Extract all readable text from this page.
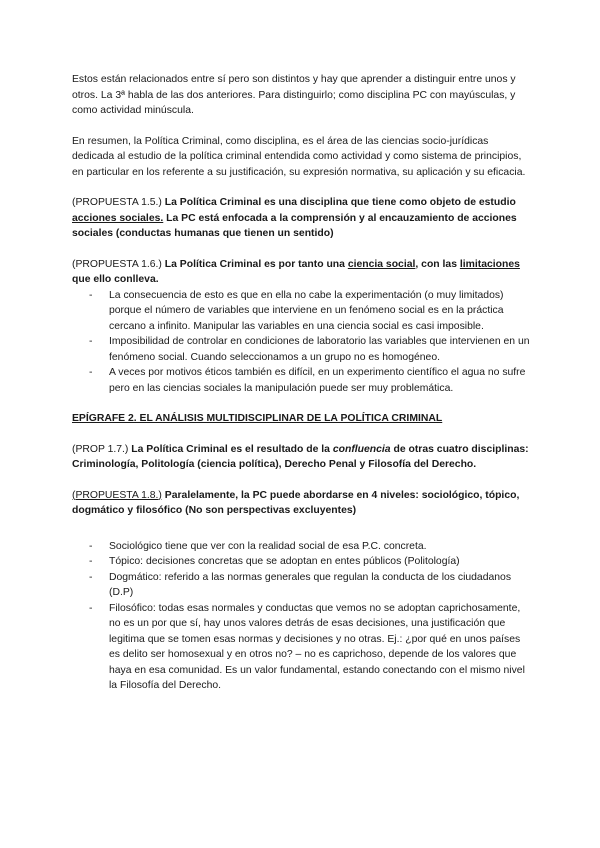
Estos están relacionados entre sí pero son distintos y hay que aprender a distinguir entre unos y otros. La 3ª habla de las dos anteriores. Para distinguirlo; como disciplina PC con mayúsculas, y como actividad minúscula.

En resumen, la Política Criminal, como disciplina, es el área de las ciencias socio-jurídicas dedicada al estudio de la política criminal entendida como actividad y como sistema de principios, en particular en los referente a su justificación, su expresión normativa, su aplicación y su eficacia.

(PROPUESTA 1.5.) La Política Criminal es una disciplina que tiene como objeto de estudio acciones sociales. La PC está enfocada a la comprensión y al encauzamiento de acciones sociales (conductas humanas que tienen un sentido)

(PROPUESTA 1.6.) La Política Criminal es por tanto una ciencia social, con las limitaciones que ello conlleva.

- La consecuencia de esto es que en ella no cabe la experimentación (o muy limitados) porque el número de variables que interviene en un fenómeno social es en la práctica cercano a infinito. Manipular las variables en una ciencia social es casi imposible.
- Imposibilidad de controlar en condiciones de laboratorio las variables que intervienen en un fenómeno social. Cuando seleccionamos a un grupo no es homogéneo.
- A veces por motivos éticos también es difícil, en un experimento científico el agua no sufre pero en las ciencias sociales la manipulación puede ser muy problemática.

EPÍGRAFE 2. EL ANÁLISIS MULTIDISCIPLINAR DE LA POLÍTICA CRIMINAL

(PROP 1.7.) La Política Criminal es el resultado de la confluencia de otras cuatro disciplinas: Criminología, Politología (ciencia política), Derecho Penal y Filosofía del Derecho.

(PROPUESTA 1.8.) Paralelamente, la PC puede abordarse en 4 niveles: sociológico, tópico, dogmático y filosófico (No son perspectivas excluyentes)

- Sociológico tiene que ver con la realidad social de esa P.C. concreta.
- Tópico: decisiones concretas que se adoptan en entes públicos (Politología)
- Dogmático: referido a las normas generales que regulan la conducta de los ciudadanos (D.P)
- Filosófico: todas esas normales y conductas que vemos no se adoptan caprichosamente, no es un por que sí, hay unos valores detrás de esas decisiones, una justificación que legitima que se tomen esas normas y decisiones y no otras. Ej.: ¿por qué en unos países es delito ser homosexual y en otros no? – no es caprichoso, depende de los valores que haya en esa comunidad. Es un valor fundamental, estando conectando con el mismo nivel la Filosofía del Derecho.
